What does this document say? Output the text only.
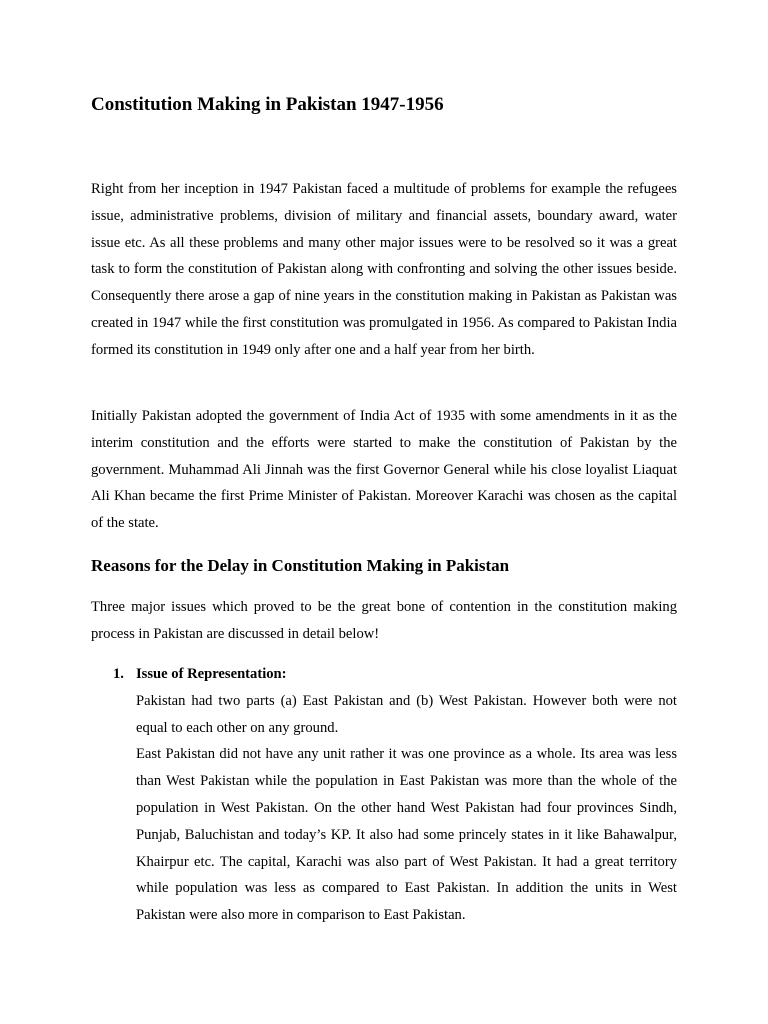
Constitution Making in Pakistan 1947-1956

Right from her inception in 1947 Pakistan faced a multitude of problems for example the refugees issue, administrative problems, division of military and financial assets, boundary award, water issue etc. As all these problems and many other major issues were to be resolved so it was a great task to form the constitution of Pakistan along with confronting and solving the other issues beside. Consequently there arose a gap of nine years in the constitution making in Pakistan as Pakistan was created in 1947 while the first constitution was promulgated in 1956. As compared to Pakistan India formed its constitution in 1949 only after one and a half year from her birth.

Initially Pakistan adopted the government of India Act of 1935 with some amendments in it as the interim constitution and the efforts were started to make the constitution of Pakistan by the government. Muhammad Ali Jinnah was the first Governor General while his close loyalist Liaquat Ali Khan became the first Prime Minister of Pakistan. Moreover Karachi was chosen as the capital of the state.

Reasons for the Delay in Constitution Making in Pakistan

Three major issues which proved to be the great bone of contention in the constitution making process in Pakistan are discussed in detail below!

1. Issue of Representation:
Pakistan had two parts (a) East Pakistan and (b) West Pakistan. However both were not equal to each other on any ground.
East Pakistan did not have any unit rather it was one province as a whole. Its area was less than West Pakistan while the population in East Pakistan was more than the whole of the population in West Pakistan. On the other hand West Pakistan had four provinces Sindh, Punjab, Baluchistan and today’s KP. It also had some princely states in it like Bahawalpur, Khairpur etc. The capital, Karachi was also part of West Pakistan. It had a great territory while population was less as compared to East Pakistan. In addition the units in West Pakistan were also more in comparison to East Pakistan.
